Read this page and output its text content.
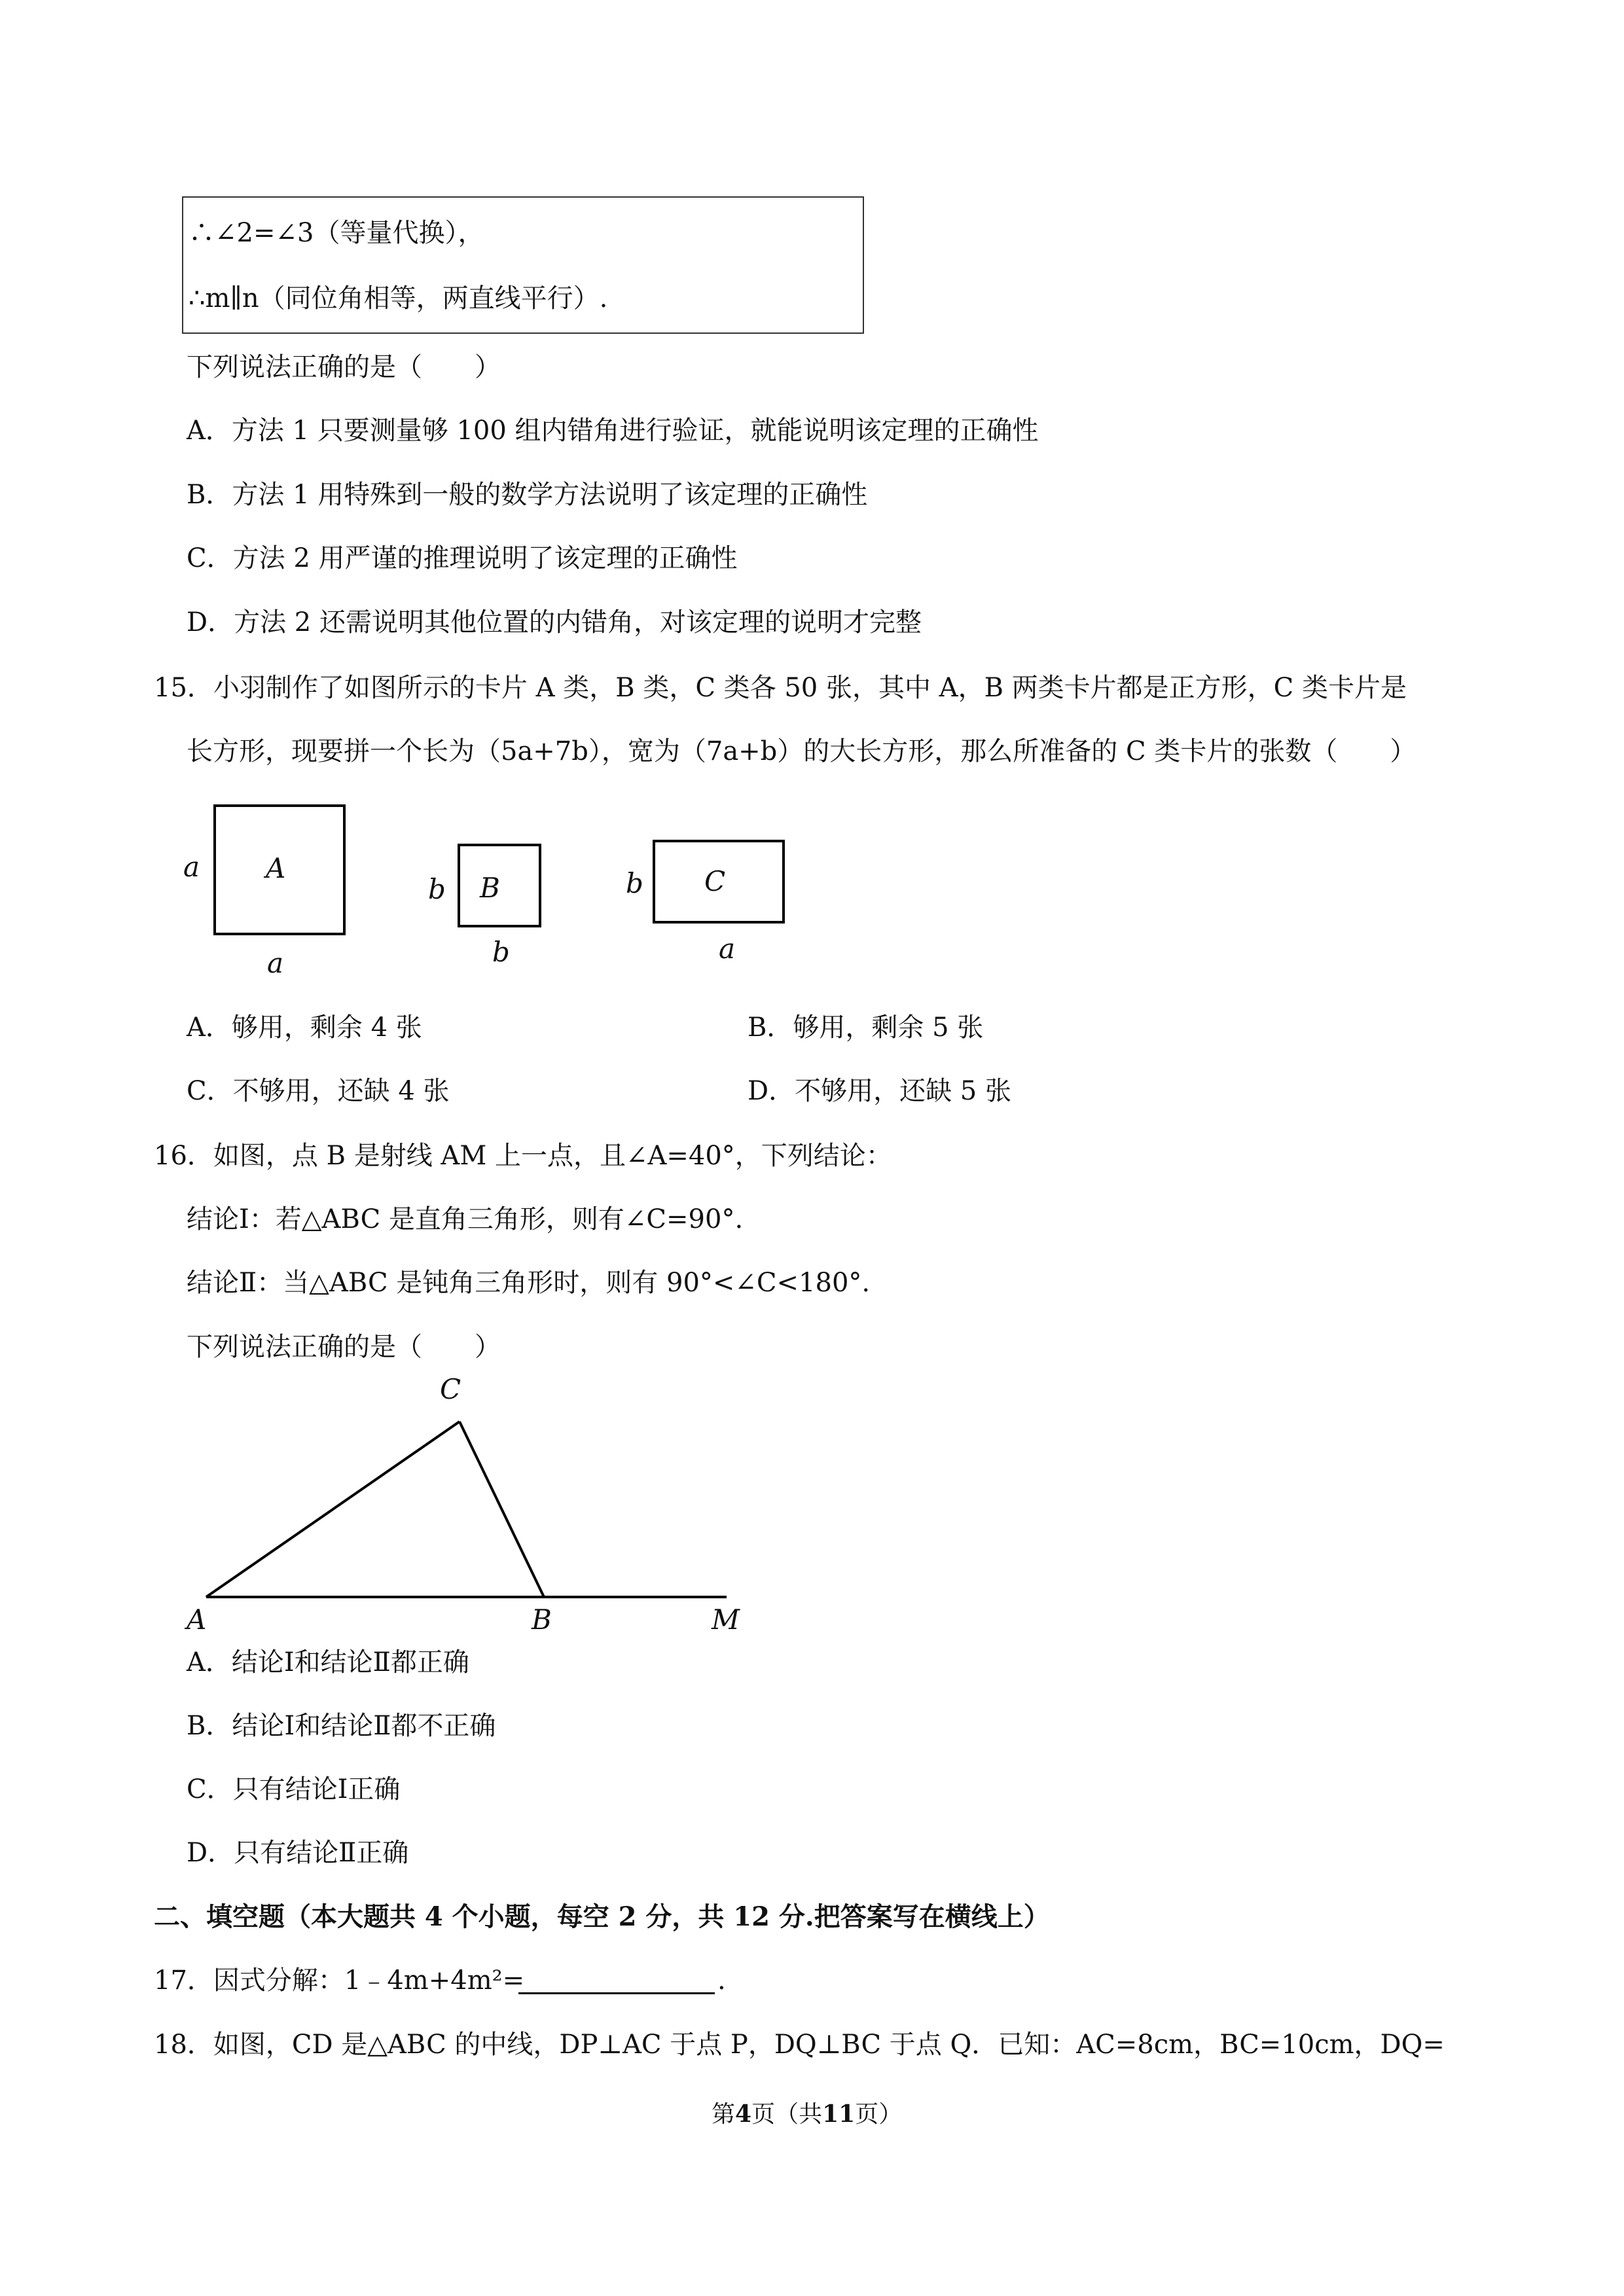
∴∠2=∠3（等量代换），
∴m∥n（同位角相等，两直线平行）.
下列说法正确的是（　　）
A．方法 1 只要测量够 100 组内错角进行验证，就能说明该定理的正确性
B．方法 1 用特殊到一般的数学方法说明了该定理的正确性
C．方法 2 用严谨的推理说明了该定理的正确性
D．方法 2 还需说明其他位置的内错角，对该定理的说明才完整
15．小羽制作了如图所示的卡片 A 类，B 类，C 类各 50 张，其中 A，B 两类卡片都是正方形，C 类卡片是
长方形，现要拼一个长为（5a+7b），宽为（7a+b）的大长方形，那么所准备的 C 类卡片的张数（　　）
A
a
a
B
b
b
C
b
a
A．够用，剩余 4 张	B．够用，剩余 5 张
C．不够用，还缺 4 张	D．不够用，还缺 5 张
16．如图，点 B 是射线 AM 上一点，且∠A=40°，下列结论：
结论Ⅰ：若△ABC 是直角三角形，则有∠C=90°.
结论Ⅱ：当△ABC 是钝角三角形时，则有 90°<∠C<180°.
下列说法正确的是（　　）
C
A	B	M
A．结论Ⅰ和结论Ⅱ都正确
B．结论Ⅰ和结论Ⅱ都不正确
C．只有结论Ⅰ正确
D．只有结论Ⅱ正确
二、填空题（本大题共 4 个小题，每空 2 分，共 12 分.把答案写在横线上）
17．因式分解：1﹣4m+4m²=	.
18．如图，CD 是△ABC 的中线，DP⊥AC 于点 P，DQ⊥BC 于点 Q．已知：AC=8cm，BC=10cm，DQ=
第4页（共11页）
